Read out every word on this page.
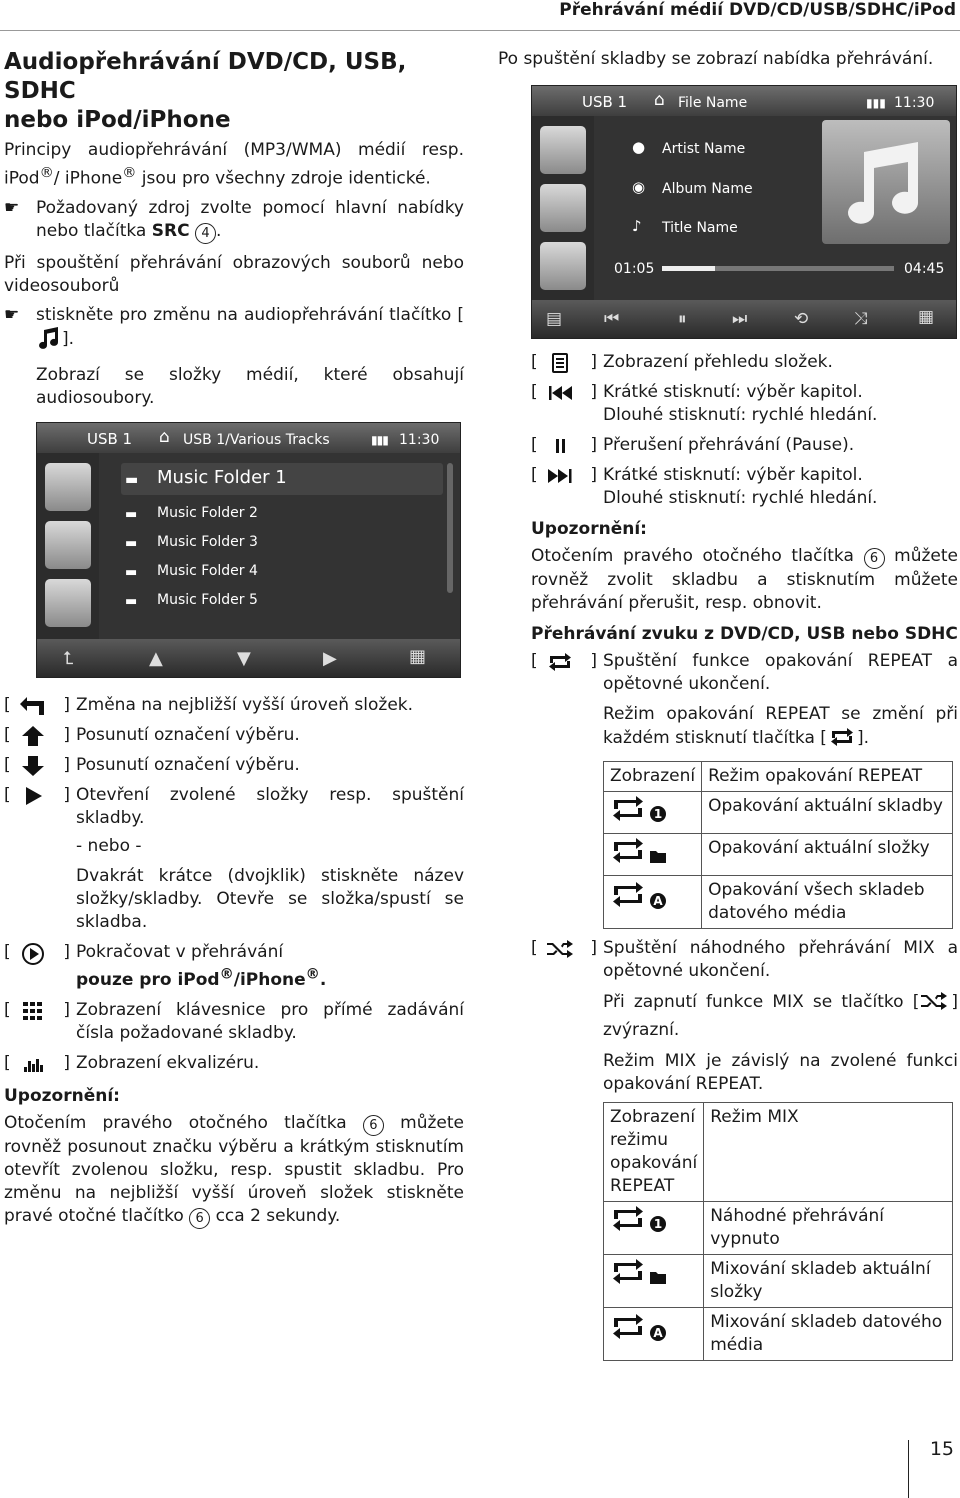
Přehrávání médií DVD/CD/USB/SDHC/iPod
Audiopřehrávání DVD/CD, USB, SDHC
nebo iPod/iPhone

Principy audiopřehrávání (MP3/WMA) médií resp. iPod®/ iPhone® jsou pro všechny zdroje identické.

☛ Požadovaný zdroj zvolte pomocí hlavní nabídky nebo tlačítka SRC 4 .

Při spouštění přehrávání obrazových souborů nebo videosouborů

☛ stiskněte pro změnu na audiopřehrávání tlačítko [].
Zobrazí se složky médií, které obsahují audiosoubory.
USB 1 ⌂ USB 1/Various Tracks	▮▮▮ 11:30
▬ Music Folder 1
▬ Music Folder 2
▬ Music Folder 3
▬ Music Folder 4
▬ Music Folder 5
⮤	▲	▼	▶	▦
[	] Změna na nejbližší vyšší úroveň složek.
[	] Posunutí označení výběru.
[	] Posunutí označení výběru.
[	] Otevření zvolené složky resp. spuštění skladby.

- nebo -

Dvakrát krátce (dvojklik) stiskněte název složky/skladby. Otevře se složka/spustí se skladba.

[	] Pokračovat v přehrávání
pouze pro iPod®/iPhone®.
[	] Zobrazení klávesnice pro přímé zadávání čísla požadované skladby.
[	] Zobrazení ekvalizéru.
Upozornění:

Otočením pravého otočného tlačítka 6 můžete rovněž posunout značku výběru a krátkým stisknutím otevřít zvolenou složku, resp. spustit skladbu. Pro změnu na nejbližší vyšší úroveň složek stiskněte pravé otočné tlačítko 6 cca 2 sekundy.

Po spuštění skladby se zobrazí nabídka přehrávání.

USB 1 ⌂ File Name	▮▮▮ 11:30
● Artist Name
◉ Album Name
♪ Title Name
01:05	04:45
▤ ⏮	⏸	⏭	⟲	⤨	▦
[	] Zobrazení přehledu složek.
[	] Krátké stisknutí: výběr kapitol.
Dlouhé stisknutí: rychlé hledání.
[	] Přerušení přehrávání (Pause).
[	] Krátké stisknutí: výběr kapitol.
Dlouhé stisknutí: rychlé hledání.
Upozornění:

Otočením pravého otočného tlačítka 6 můžete rovněž zvolit skladbu a stisknutím můžete přehrávání přerušit, resp. obnovit.

Přehrávání zvuku z DVD/CD, USB nebo SDHC
[	] Spuštění funkce opakování REPEAT a opětovné ukončení.

Režim opakování REPEAT se změní při každém stisknutí tlačítka [ ].

Zobrazení	Režim opakování REPEAT

1	Opakování aktuální skladby
	Opakování aktuální složky

A	Opakování všech skladeb datového média
[	] Spuštění náhodného přehrávání MIX a opětovné ukončení.

Při zapnutí funkce MIX se tlačítko [ ] zvýrazní.

Režim MIX je závislý na zvolené funkci opakování REPEAT.

Zobrazení režimu opakování REPEAT	Režim MIX

1	Náhodné přehrávání vypnuto
	Mixování skladeb aktuální složky

A	Mixování skladeb datového média
15
